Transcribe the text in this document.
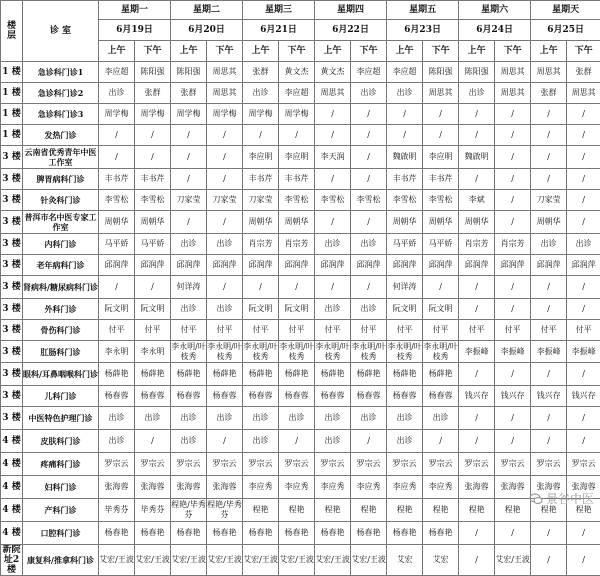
楼 层	诊 室	星期一		星期二		星期三		星期四		星期五		星期六		星期天	
		6月19日		6月20日		6月21日		6月22日		6月23日		6月24日		6月25日	
		上午	下午	上午	下午	上午	下午	上午	下午	上午	下午	上午	下午	上午	下午
1 楼	急诊科门诊1	李应超	陈阳强	陈阳强	周思其	张群	黄文杰	黄文杰	李应超	李应超	陈阳强	陈阳强	周思其	周思其	张群
1 楼	急诊科门诊2	出诊	张群	张群	周思其	出诊	李应超	周思其	出诊	出诊	周思其	出诊	周思其	张群	周思其
1 楼	急诊科门诊3	周学梅	周学梅	周学梅	周学梅	周学梅	周学梅	/	/	/	/	/	/	/	/
1 楼	发热门诊	/	/	/	/	/	/	/	/	/	/	/	/	/	/
3 楼	云南省优秀青年中医工作室	/	/	/	/	李应明	李应明	李天润	/	魏啟明	李应明	魏啟明	/	/	/
3 楼	脾胃病科门诊	丰书芹	丰书芹	/	/	丰书芹	丰书芹	/	/	丰书芹	丰书芹	/	/	/	/
3 楼	针灸科门诊	李雪松	李雪松	刀家莹	刀家莹	刀家莹	李雪松	李雪松	李雪松	李雪松	李雪松	李斌	/	刀家莹	/
3 楼	普洱市名中医专家工作室	周朝华	周朝华	/	/	周朝华	周朝华	/	/	周朝华	周朝华	周朝华	/	周朝华	/
3 楼	内科门诊	马平娇	马平娇	出诊	出诊	肖宗芳	肖宗芳	出诊	出诊	马平娇	马平娇	肖宗芳	肖宗芳	出诊	出诊
3 楼	老年病科门诊	邱润萍	邱润萍	邱润萍	邱润萍	邱润萍	邱润萍	邱润萍	邱润萍	邱润萍	邱润萍	邱润萍	邱润萍	邱润萍	邱润萍
3 楼	肾病科/糖尿病科门诊	/	/	何详涛	/	/	/	/	/	何详涛	/	/	/	/	/
3 楼	外科门诊	阮文明	阮文明	出诊	出诊	阮文明	阮文明	出诊	出诊	阮文明	阮文明	/	/	/	/
3 楼	骨伤科门诊	付平	付平	付平	付平	付平	付平	付平	付平	付平	付平	付平	付平	付平	付平
3 楼	肛肠科门诊	李永明	李永明	李永明/叶枝秀	李永明/叶枝秀	李永明/叶枝秀	李永明/叶枝秀	李永明/叶枝秀	李永明/叶枝秀	李永明/叶枝秀	李永明/叶枝秀	李振峰	李振峰	李振峰	李振峰
3 楼	眼科/耳鼻咽喉科门诊	杨薛艳	杨薛艳	杨薛艳	杨薛艳	杨薛艳	杨薛艳	杨薛艳	杨薛艳	杨薛艳	杨薛艳	/	/	/	/
3 楼	儿科门诊	杨春蓉	杨春蓉	杨春蓉	杨春蓉	杨春蓉	杨春蓉	杨春蓉	杨春蓉	杨春蓉	杨春蓉	钱兴存	钱兴存	钱兴存	钱兴存
3 楼	中医特色护理门诊	出诊	出诊	出诊	出诊	出诊	出诊	出诊	出诊	出诊	出诊	/	/	/	/
4 楼	皮肤科门诊	出诊	/	出诊	/	出诊	/	出诊	/	出诊	/	/	/	/	/
4 楼	疼痛科门诊	罗宗云	罗宗云	罗宗云	罗宗云	罗宗云	罗宗云	罗宗云	罗宗云	罗宗云	罗宗云	罗宗云	罗宗云	罗宗云	罗宗云
4 楼	妇科门诊	张海蓉	张海蓉	张海蓉	张海蓉	李应秀	李应秀	李应秀	李应秀	李应秀	李应秀	张海蓉	张海蓉	张海蓉	张海蓉
4 楼	产科门诊	毕秀芬	毕秀芬	程艳/毕秀芬	程艳/毕秀芬	程艳	程艳	程艳	程艳	程艳	程艳	程艳	程艳	程艳	程艳
4 楼	口腔科门诊	杨春艳	杨春艳	杨春艳	杨春艳	杨春艳	杨春艳	杨春艳	杨春艳	杨春艳	杨春艳	/	/	/	/
新院址2楼	康复科/推拿科门诊	艾宏/王波	艾宏/王波	艾宏/王波	艾宏/王波	艾宏/王波	艾宏/王波	艾宏/王波	艾宏/王波	艾宏	艾宏	/	艾宏/王波	/	/
景谷中医
